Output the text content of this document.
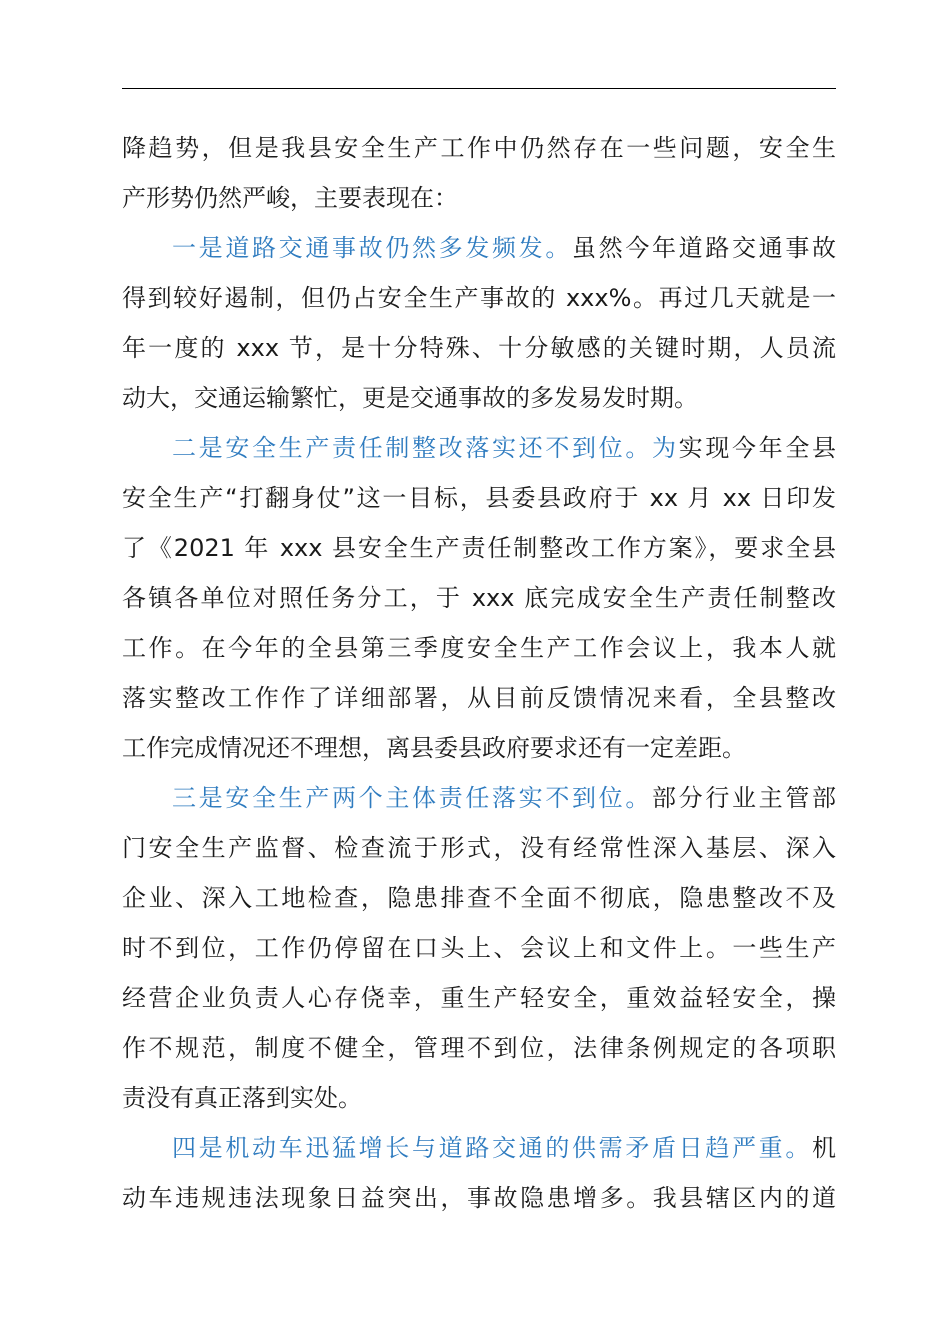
降趋势，但是我县安全生产工作中仍然存在一些问题，安全生
产形势仍然严峻，主要表现在：
一是道路交通事故仍然多发频发。虽然今年道路交通事故
得到较好遏制，但仍占安全生产事故的 xxx%。再过几天就是一
年一度的 xxx 节，是十分特殊、十分敏感的关键时期，人员流
动大，交通运输繁忙，更是交通事故的多发易发时期。
二是安全生产责任制整改落实还不到位。为实现今年全县
安全生产“打翻身仗”这一目标，县委县政府于 xx 月 xx 日印发
了《2021 年 xxx 县安全生产责任制整改工作方案》，要求全县
各镇各单位对照任务分工，于 xxx 底完成安全生产责任制整改
工作。在今年的全县第三季度安全生产工作会议上，我本人就
落实整改工作作了详细部署，从目前反馈情况来看，全县整改
工作完成情况还不理想，离县委县政府要求还有一定差距。
三是安全生产两个主体责任落实不到位。部分行业主管部
门安全生产监督、检查流于形式，没有经常性深入基层、深入
企业、深入工地检查，隐患排查不全面不彻底，隐患整改不及
时不到位，工作仍停留在口头上、会议上和文件上。一些生产
经营企业负责人心存侥幸，重生产轻安全，重效益轻安全，操
作不规范，制度不健全，管理不到位，法律条例规定的各项职
责没有真正落到实处。
四是机动车迅猛增长与道路交通的供需矛盾日趋严重。机
动车违规违法现象日益突出，事故隐患增多。我县辖区内的道
